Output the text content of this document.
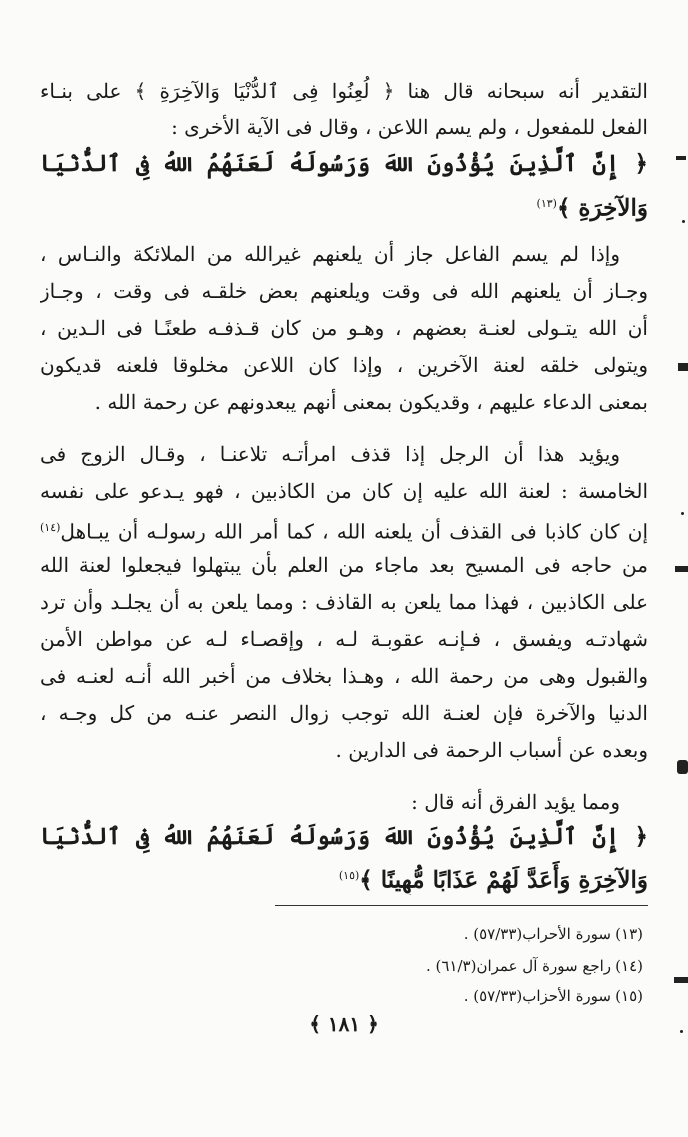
التقدير أنه سبحانه قال هنا ﴿ لُعِنُوا فِى ٱلدُّنْيَا وَالآخِرَةِ ﴾ على بنـاء
الفعل للمفعول ، ولم يسم اللاعن ، وقال فى الآية الأخرى :
﴿ إِنَّ ٱلَّذِينَ يُؤْذُونَ اللهَ وَرَسُولَهُ لَعَنَهُمُ اللهُ فِى ٱلدُّنْيَا
وَالآخِرَةِ ﴾$^{(١٣)}$
وإذا لم يسم الفاعل جاز أن يلعنهم غيرالله من الملائكة والنـاس ،
وجـاز أن يلعنهم الله فى وقت ويلعنهم بعض خلقـه فى وقت ، وجـاز
أن الله يتـولى لعنـة بعضهم ، وهـو من كان قـذفـه طعنًـا فى الـدين ،
ويتولى خلقه لعنة الآخرين ، وإذا كان اللاعن مخلوقا فلعنه قديكون
بمعنى الدعاء عليهم ، وقديكون بمعنى أنهم يبعدونهم عن رحمة الله .
ويؤيد هذا أن الرجل إذا قذف امرأتـه تلاعنـا ، وقـال الزوج فى
الخامسة : لعنة الله عليه إن كان من الكاذبين ، فهو يـدعو على نفسه
إن كان كاذبا فى القذف أن يلعنه الله ، كما أمر الله رسولـه أن يبـاهل$^{(١٤)}$
من حاجه فى المسيح بعد ماجاء من العلم بأن يبتهلوا فيجعلوا لعنة الله
على الكاذبين ، فهذا مما يلعن به القاذف : ومما يلعن به أن يجلـد وأن ترد
شهادتـه ويفسق ، فـإنـه عقوبـة لـه ، وإقصـاء لـه عن مواطن الأمن
والقبول وهى من رحمة الله ، وهـذا بخلاف من أخبر الله أنـه لعنـه فى
الدنيا والآخرة فإن لعنـة الله توجب زوال النصر عنـه من كل وجـه ،
وبعده عن أسباب الرحمة فى الدارين .
ومما يؤيد الفرق أنه قال :
﴿ إِنَّ ٱلَّذِينَ يُؤْذُونَ اللهَ وَرَسُولَهُ لَعَنَهُمُ اللهُ فِى ٱلدُّنْيَا
وَالآخِرَةِ وَأَعَدَّ لَهُمْ عَذَابًا مُّهِينًا ﴾$^{(١٥)}$
(١٣)سورة الأحراب(٥٧/٣٣) .
(١٤)راجع سورة آل عمران(٦١/٣) .
(١٥)سورة الأحزاب(٥٧/٣٣) .
﴿ ١٨١ ﴾
